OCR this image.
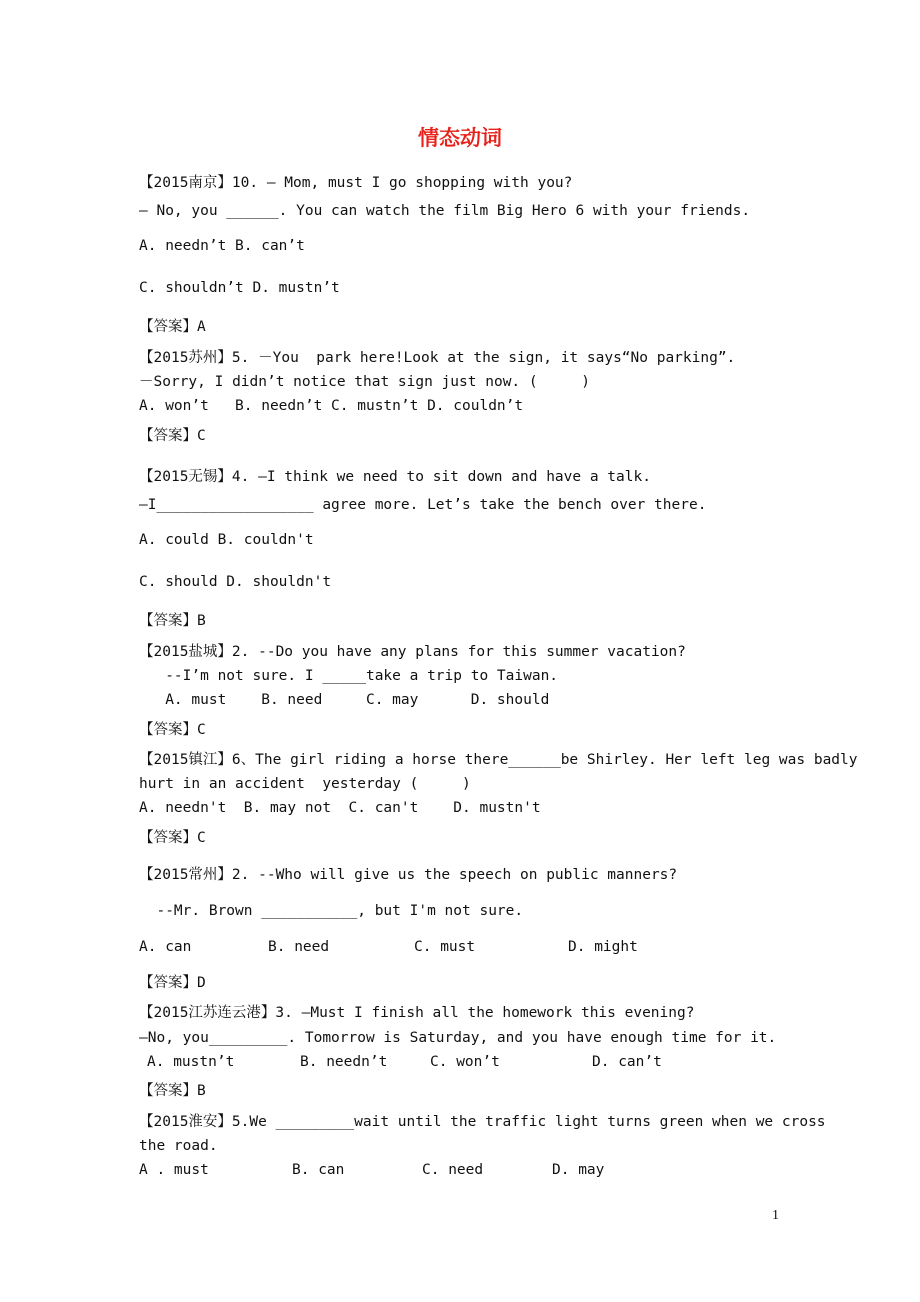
情态动词
【2015南京】10. — Mom, must I go shopping with you?
— No, you ______. You can watch the film Big Hero 6 with your friends.
A. needn’t B. can’t
C. shouldn’t D. mustn’t
【答案】A
【2015苏州】5. －You  park here!Look at the sign, it says“No parking”.
－Sorry, I didn’t notice that sign just now. (     )
A. won’t   B. needn’t C. mustn’t D. couldn’t
【答案】C
【2015无锡】4. —I think we need to sit down and have a talk.
—I__________________ agree more. Let’s take the bench over there.
A. could B. couldn't
C. should D. shouldn't
【答案】B
【2015盐城】2. --Do you have any plans for this summer vacation?
--I’m not sure. I _____take a trip to Taiwan.
A. must    B. need     C. may      D. should
【答案】C
【2015镇江】6、The girl riding a horse there______be Shirley. Her left leg was badly
hurt in an accident  yesterday (     )
A. needn't  B. may not  C. can't    D. mustn't
【答案】C
【2015常州】2. --Who will give us the speech on public manners?
--Mr. Brown ___________, but I'm not sure.
A. can	B. need	C. must	D. might
【答案】D
【2015江苏连云港】3. —Must I finish all the homework this evening?
—No, you_________. Tomorrow is Saturday, and you have enough time for it.
A. mustn’t	B. needn’t	C. won’t	D. can’t
【答案】B
【2015淮安】5.We _________wait until the traffic light turns green when we cross
the road.
A . must	B. can	C. need	D. may
1
